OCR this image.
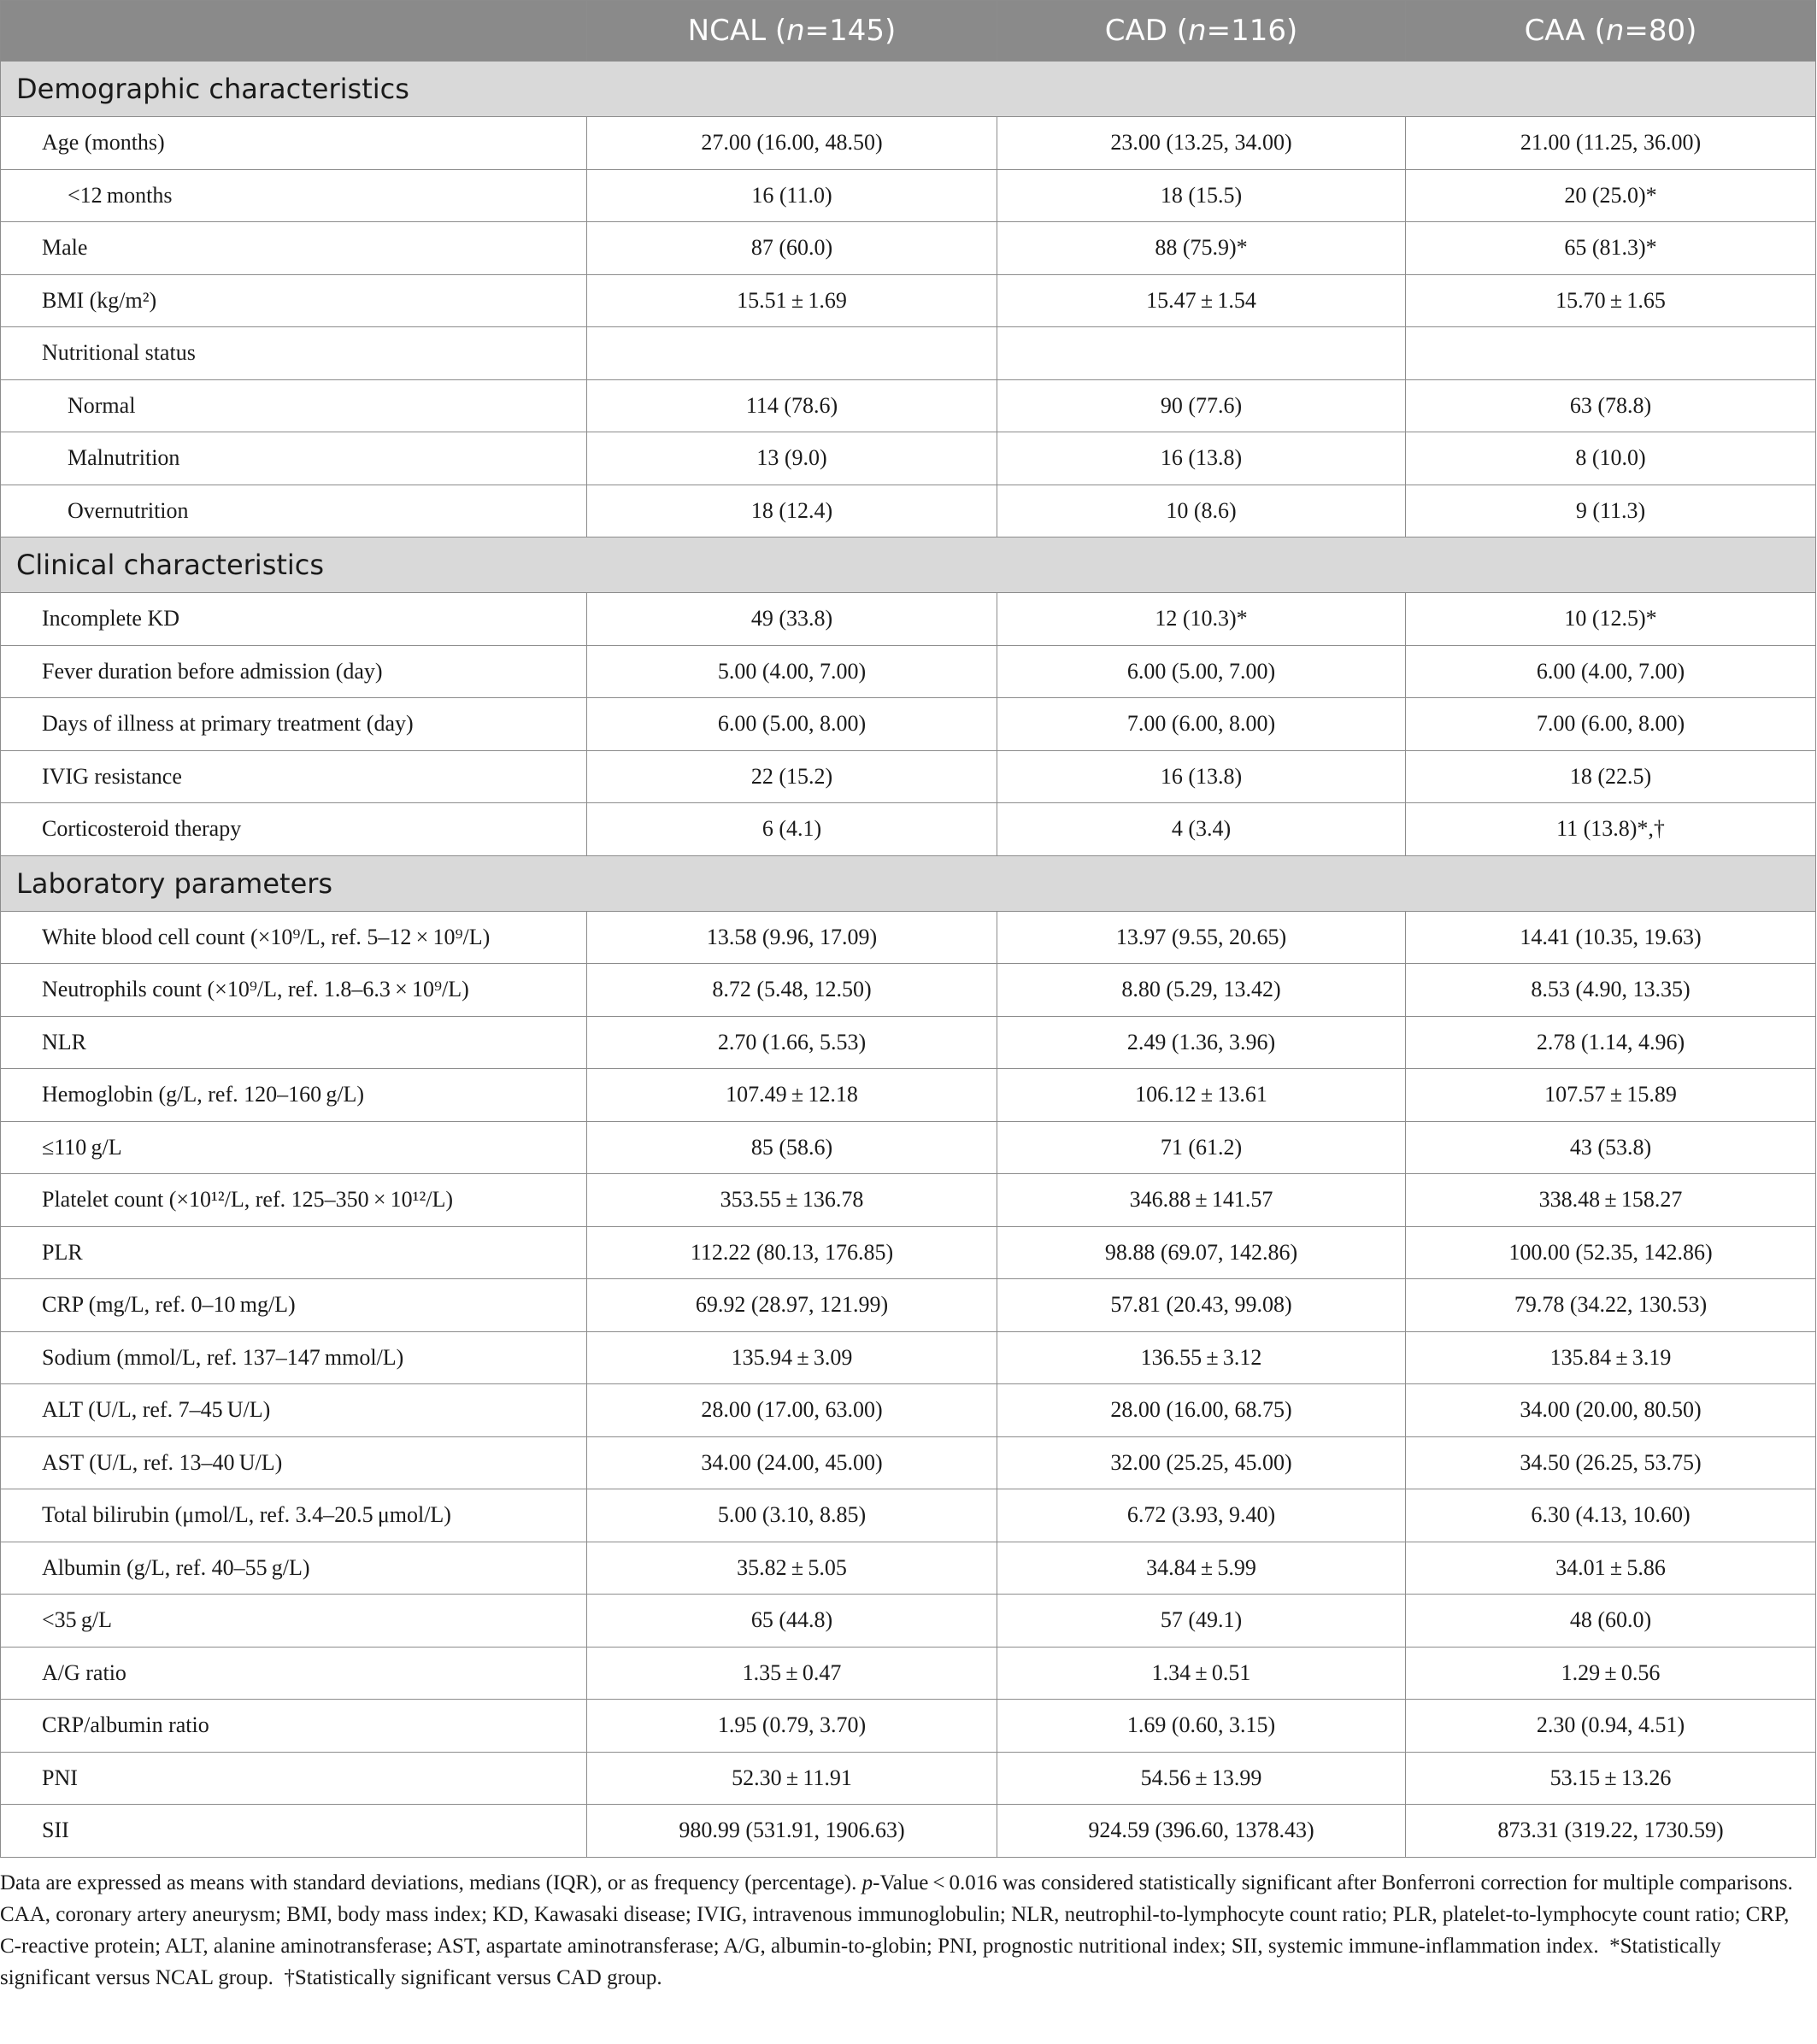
	NCAL (n=145)	CAD (n=116)	CAA (n=80)
Demographic characteristics			
Age (months)	27.00 (16.00, 48.50)	23.00 (13.25, 34.00)	21.00 (11.25, 36.00)
<12 months	16 (11.0)	18 (15.5)	20 (25.0)*
Male	87 (60.0)	88 (75.9)*	65 (81.3)*
BMI (kg/m²)	15.51 ± 1.69	15.47 ± 1.54	15.70 ± 1.65
Nutritional status			
Normal	114 (78.6)	90 (77.6)	63 (78.8)
Malnutrition	13 (9.0)	16 (13.8)	8 (10.0)
Overnutrition	18 (12.4)	10 (8.6)	9 (11.3)
Clinical characteristics			
Incomplete KD	49 (33.8)	12 (10.3)*	10 (12.5)*
Fever duration before admission (day)	5.00 (4.00, 7.00)	6.00 (5.00, 7.00)	6.00 (4.00, 7.00)
Days of illness at primary treatment (day)	6.00 (5.00, 8.00)	7.00 (6.00, 8.00)	7.00 (6.00, 8.00)
IVIG resistance	22 (15.2)	16 (13.8)	18 (22.5)
Corticosteroid therapy	6 (4.1)	4 (3.4)	11 (13.8)*,†
Laboratory parameters			
White blood cell count (×10⁹/L, ref. 5–12 × 10⁹/L)	13.58 (9.96, 17.09)	13.97 (9.55, 20.65)	14.41 (10.35, 19.63)
Neutrophils count (×10⁹/L, ref. 1.8–6.3 × 10⁹/L)	8.72 (5.48, 12.50)	8.80 (5.29, 13.42)	8.53 (4.90, 13.35)
NLR	2.70 (1.66, 5.53)	2.49 (1.36, 3.96)	2.78 (1.14, 4.96)
Hemoglobin (g/L, ref. 120–160 g/L)	107.49 ± 12.18	106.12 ± 13.61	107.57 ± 15.89
≤110 g/L	85 (58.6)	71 (61.2)	43 (53.8)
Platelet count (×10¹²/L, ref. 125–350 × 10¹²/L)	353.55 ± 136.78	346.88 ± 141.57	338.48 ± 158.27
PLR	112.22 (80.13, 176.85)	98.88 (69.07, 142.86)	100.00 (52.35, 142.86)
CRP (mg/L, ref. 0–10 mg/L)	69.92 (28.97, 121.99)	57.81 (20.43, 99.08)	79.78 (34.22, 130.53)
Sodium (mmol/L, ref. 137–147 mmol/L)	135.94 ± 3.09	136.55 ± 3.12	135.84 ± 3.19
ALT (U/L, ref. 7–45 U/L)	28.00 (17.00, 63.00)	28.00 (16.00, 68.75)	34.00 (20.00, 80.50)
AST (U/L, ref. 13–40 U/L)	34.00 (24.00, 45.00)	32.00 (25.25, 45.00)	34.50 (26.25, 53.75)
Total bilirubin (μmol/L, ref. 3.4–20.5 μmol/L)	5.00 (3.10, 8.85)	6.72 (3.93, 9.40)	6.30 (4.13, 10.60)
Albumin (g/L, ref. 40–55 g/L)	35.82 ± 5.05	34.84 ± 5.99	34.01 ± 5.86
<35 g/L	65 (44.8)	57 (49.1)	48 (60.0)
A/G ratio	1.35 ± 0.47	1.34 ± 0.51	1.29 ± 0.56
CRP/albumin ratio	1.95 (0.79, 3.70)	1.69 (0.60, 3.15)	2.30 (0.94, 4.51)
PNI	52.30 ± 11.91	54.56 ± 13.99	53.15 ± 13.26
SII	980.99 (531.91, 1906.63)	924.59 (396.60, 1378.43)	873.31 (319.22, 1730.59)

Data are expressed as means with standard deviations, medians (IQR), or as frequency (percentage). p-Value < 0.016 was considered statistically significant after Bonferroni correction for multiple comparisons. CAA, coronary artery aneurysm; BMI, body mass index; KD, Kawasaki disease; IVIG, intravenous immunoglobulin; NLR, neutrophil-to-lymphocyte count ratio; PLR, platelet-to-lymphocyte count ratio; CRP, C-reactive protein; ALT, alanine aminotransferase; AST, aspartate aminotransferase; A/G, albumin-to-globin; PNI, prognostic nutritional index; SII, systemic immune-inflammation index. *Statistically significant versus NCAL group. †Statistically significant versus CAD group.
